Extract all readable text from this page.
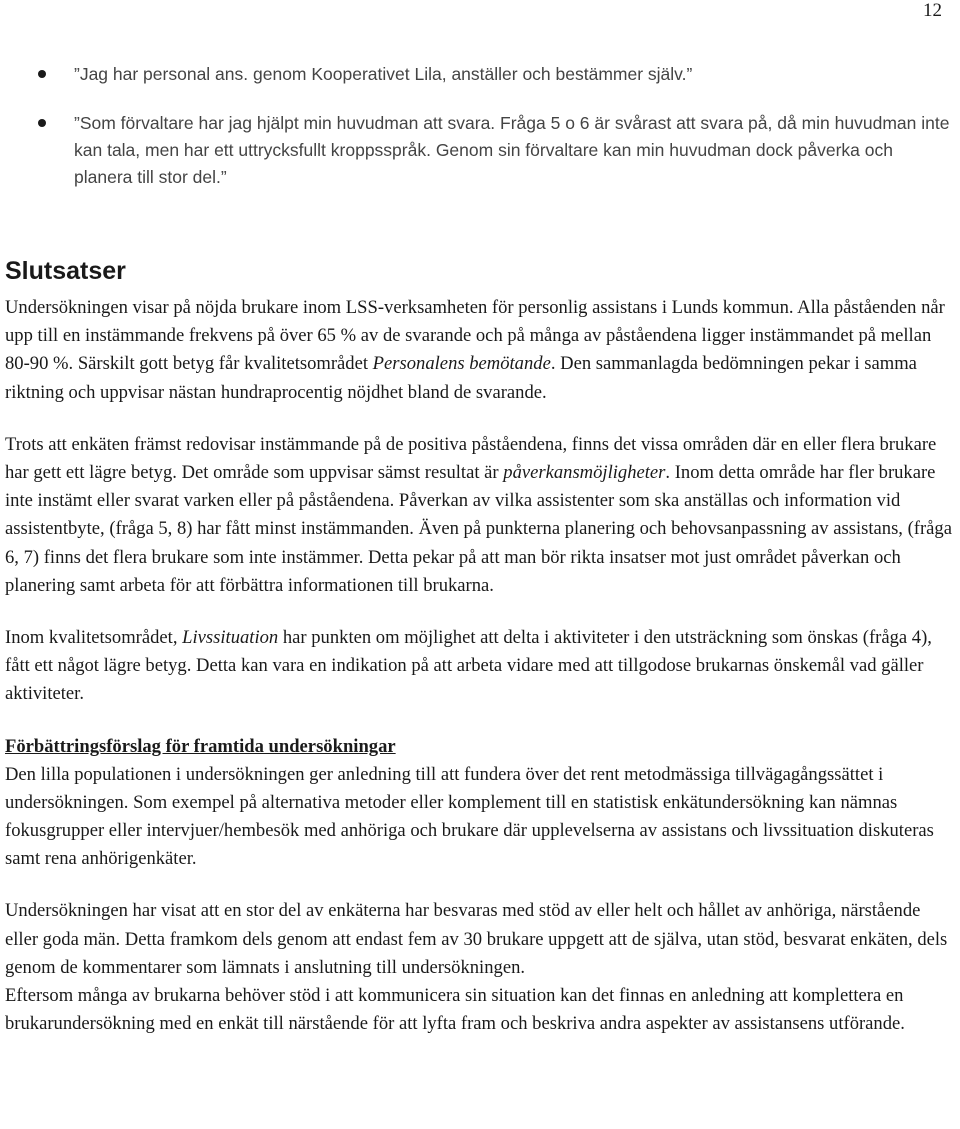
12

”Jag har personal ans. genom Kooperativet Lila, anställer och bestämmer själv.”

”Som förvaltare har jag hjälpt min huvudman att svara. Fråga 5 o 6 är svårast att svara på, då min huvudman inte kan tala, men har ett uttrycksfullt kroppsspråk. Genom sin förvaltare kan min huvudman dock påverka och planera till stor del.”

Slutsatser

Undersökningen visar på nöjda brukare inom LSS-verksamheten för personlig assistans i Lunds kommun. Alla påståenden når upp till en instämmande frekvens på över 65 % av de svarande och på många av påståendena ligger instämmandet på mellan 80-90 %. Särskilt gott betyg får kvalitetsområdet Personalens bemötande. Den sammanlagda bedömningen pekar i samma riktning och uppvisar nästan hundraprocentig nöjdhet bland de svarande.

Trots att enkäten främst redovisar instämmande på de positiva påståendena, finns det vissa områden där en eller flera brukare har gett ett lägre betyg. Det område som uppvisar sämst resultat är påverkansmöjligheter. Inom detta område har fler brukare inte instämt eller svarat varken eller på påståendena. Påverkan av vilka assistenter som ska anställas och information vid assistentbyte, (fråga 5, 8) har fått minst instämmanden. Även på punkterna planering och behovsanpassning av assistans, (fråga 6, 7) finns det flera brukare som inte instämmer. Detta pekar på att man bör rikta insatser mot just området påverkan och planering samt arbeta för att förbättra informationen till brukarna.

Inom kvalitetsområdet, Livssituation har punkten om möjlighet att delta i aktiviteter i den utsträckning som önskas (fråga 4), fått ett något lägre betyg. Detta kan vara en indikation på att arbeta vidare med att tillgodose brukarnas önskemål vad gäller aktiviteter.

Förbättringsförslag för framtida undersökningar

Den lilla populationen i undersökningen ger anledning till att fundera över det rent metodmässiga tillvägagångssättet i undersökningen. Som exempel på alternativa metoder eller komplement till en statistisk enkätundersökning kan nämnas fokusgrupper eller intervjuer/hembesök med anhöriga och brukare där upplevelserna av assistans och livssituation diskuteras samt rena anhörigenkäter.

Undersökningen har visat att en stor del av enkäterna har besvaras med stöd av eller helt och hållet av anhöriga, närstående eller goda män. Detta framkom dels genom att endast fem av 30 brukare uppgett att de själva, utan stöd, besvarat enkäten, dels genom de kommentarer som lämnats i anslutning till undersökningen.

Eftersom många av brukarna behöver stöd i att kommunicera sin situation kan det finnas en anledning att komplettera en brukarundersökning med en enkät till närstående för att lyfta fram och beskriva andra aspekter av assistansens utförande.
